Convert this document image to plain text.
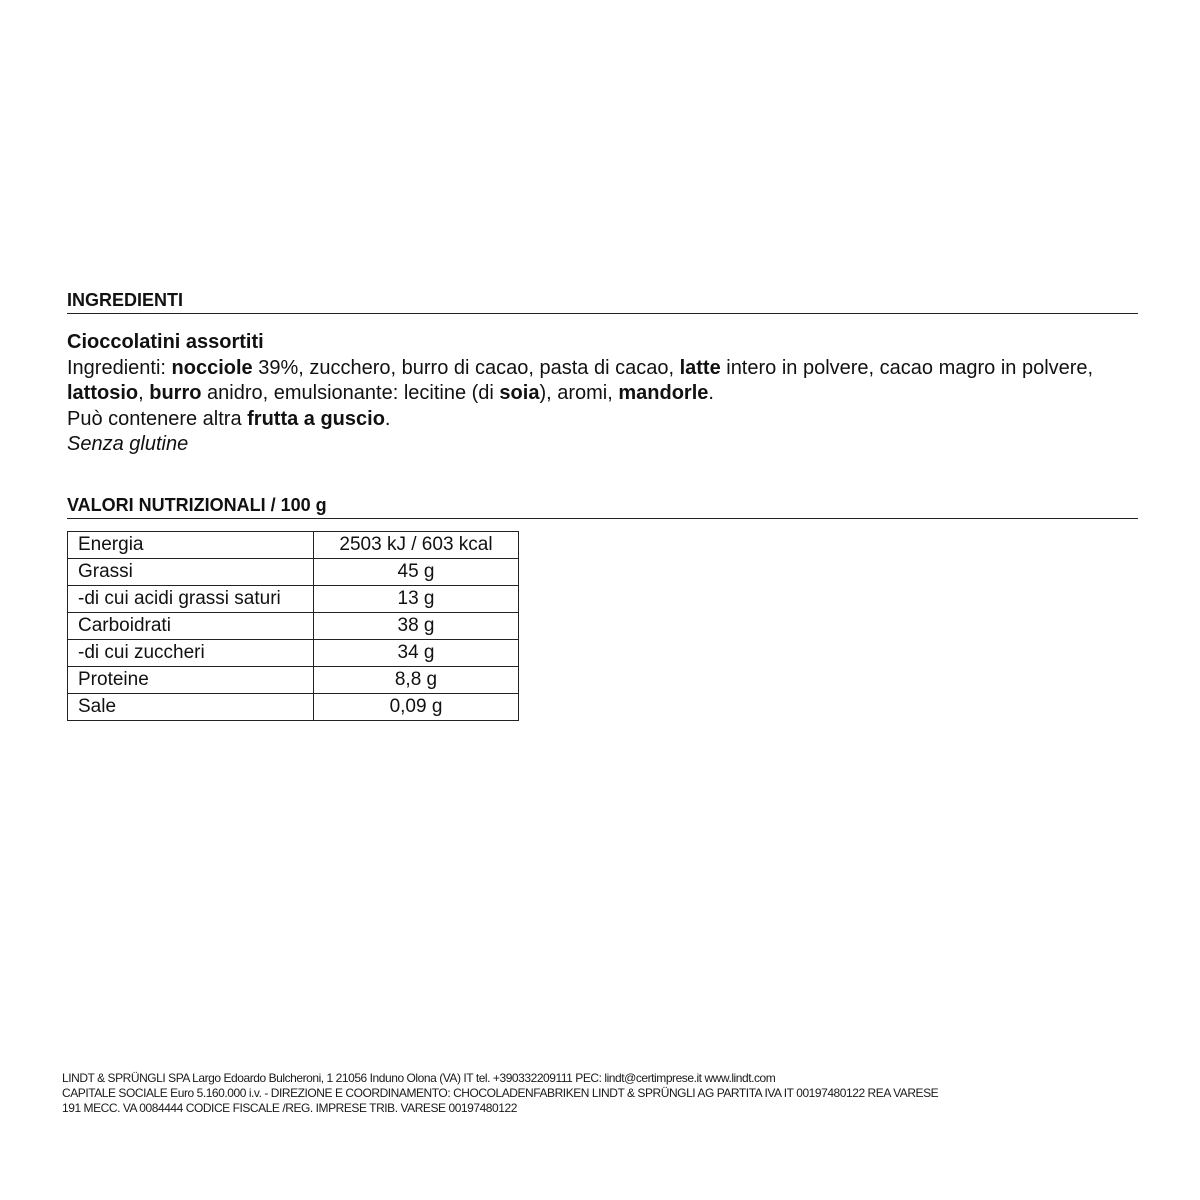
INGREDIENTI

Cioccolatini assortiti

Ingredienti: nocciole 39%, zucchero, burro di cacao, pasta di cacao, latte intero in polvere, cacao magro in polvere, lattosio, burro anidro, emulsionante: lecitine (di soia), aromi, mandorle.

Può contenere altra frutta a guscio.

Senza glutine

VALORI NUTRIZIONALI / 100 g
Energia	2503 kJ / 603 kcal
Grassi	45 g
-di cui acidi grassi saturi	13 g
Carboidrati	38 g
-di cui zuccheri	34 g
Proteine	8,8 g
Sale	0,09 g

LINDT & SPRÜNGLI SPA Largo Edoardo Bulcheroni, 1 21056 Induno Olona (VA) IT tel. +390332209111 PEC: lindt@certimprese.it www.lindt.com

CAPITALE SOCIALE Euro 5.160.000 i.v. - DIREZIONE E COORDINAMENTO: CHOCOLADENFABRIKEN LINDT & SPRÜNGLI AG PARTITA IVA IT 00197480122 REA VARESE

191 MECC. VA 0084444 CODICE FISCALE /REG. IMPRESE TRIB. VARESE 00197480122
